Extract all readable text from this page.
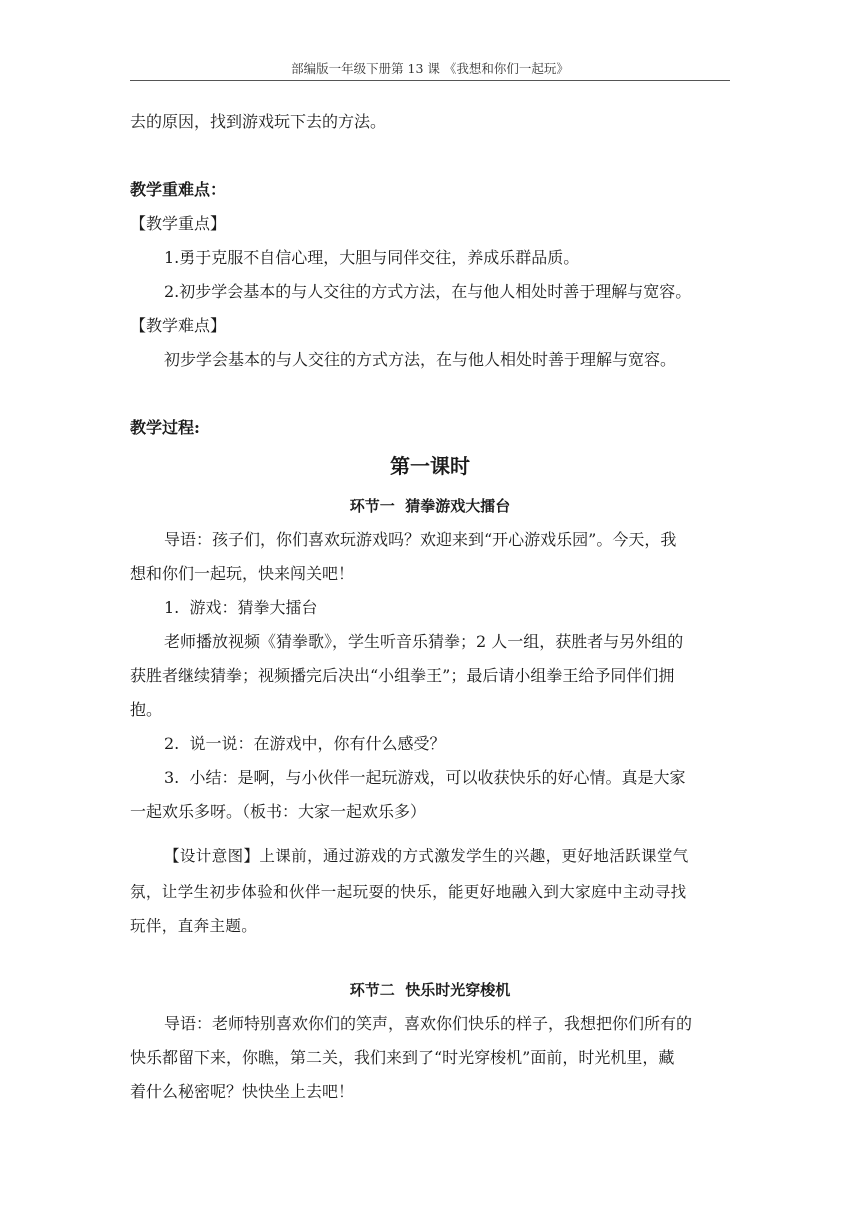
部编版一年级下册第 13 课 《我想和你们一起玩》
去的原因，找到游戏玩下去的方法。
教学重难点：
【教学重点】
1.勇于克服不自信心理，大胆与同伴交往，养成乐群品质。
2.初步学会基本的与人交往的方式方法，在与他人相处时善于理解与宽容。
【教学难点】
初步学会基本的与人交往的方式方法，在与他人相处时善于理解与宽容。
教学过程:
第一课时
环节一  猜拳游戏大擂台
导语：孩子们，你们喜欢玩游戏吗？欢迎来到“开心游戏乐园”。今天，我
想和你们一起玩，快来闯关吧！
1.  游戏：猜拳大擂台
老师播放视频《猜拳歌》，学生听音乐猜拳；2 人一组，获胜者与另外组的
获胜者继续猜拳；视频播完后决出“小组拳王”；最后请小组拳王给予同伴们拥
抱。
2.  说一说：在游戏中，你有什么感受？
3.  小结：是啊，与小伙伴一起玩游戏，可以收获快乐的好心情。真是大家
一起欢乐多呀。（板书：大家一起欢乐多）
【设计意图】上课前，通过游戏的方式激发学生的兴趣，更好地活跃课堂气
氛，让学生初步体验和伙伴一起玩耍的快乐，能更好地融入到大家庭中主动寻找
玩伴，直奔主题。
环节二  快乐时光穿梭机
导语：老师特别喜欢你们的笑声，喜欢你们快乐的样子，我想把你们所有的
快乐都留下来，你瞧，第二关，我们来到了“时光穿梭机”面前，时光机里，藏
着什么秘密呢？快快坐上去吧！
